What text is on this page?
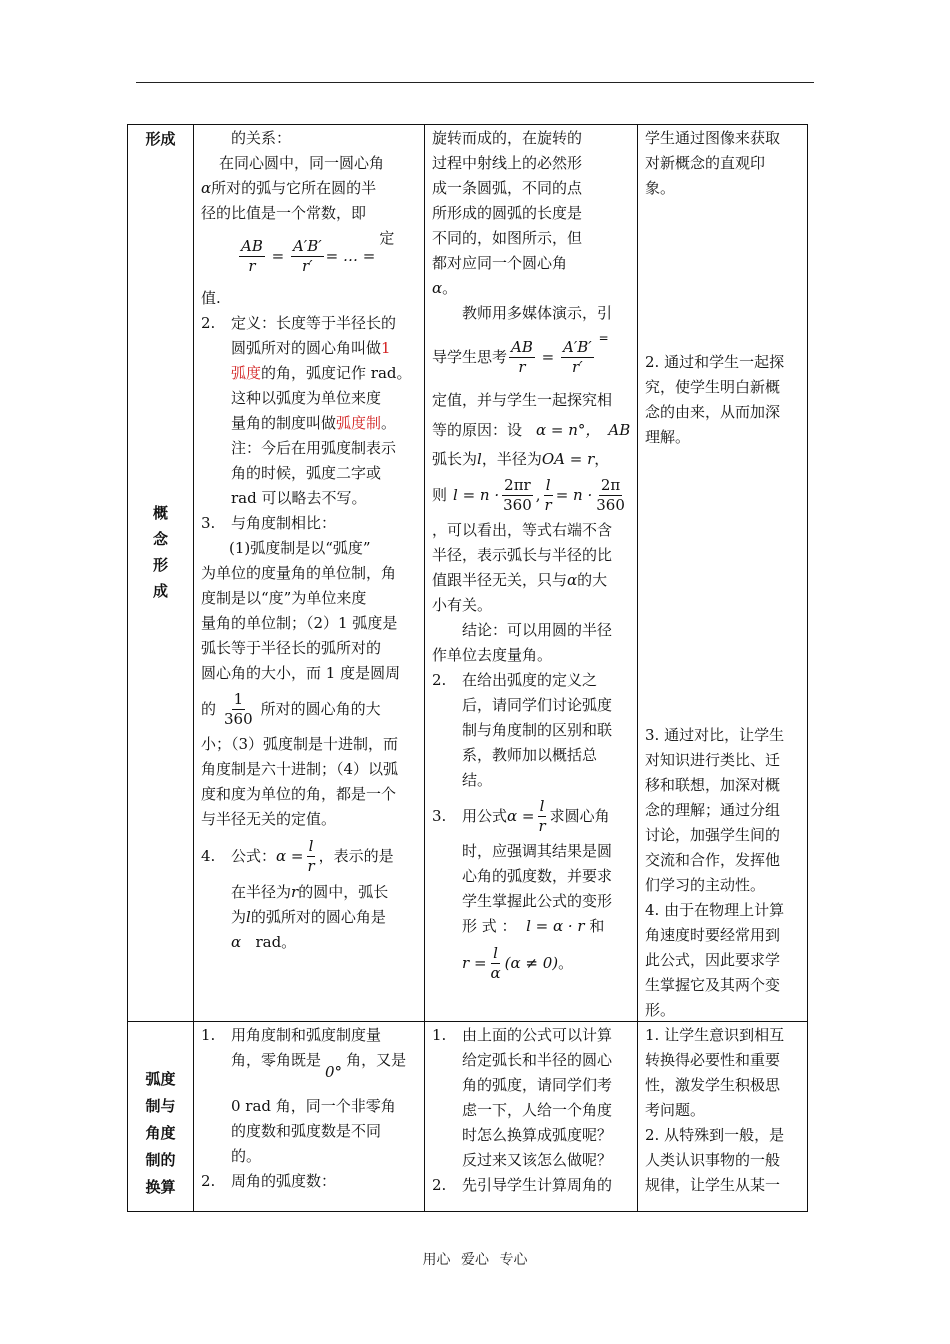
形成
概
念
形
成
弧度
制与
角度
制的
换算

的关系：

在同心圆中，同一圆心角

α所对的弧与它所在圆的半

径的比值是一个常数，即

$\frac{AB}{r} = \frac{A'B'}{r'}$ = … =
定

值.

2. 定义：长度等于半径长的

圆弧所对的圆心角叫做1

弧度的角，弧度记作 rad。

这种以弧度为单位来度

量角的制度叫做弧度制。

注：今后在用弧度制表示

角的时候，弧度二字或

rad 可以略去不写。

3. 与角度制相比：

(1)弧度制是以“弧度”

为单位的度量角的单位制，角

度制是以“度”为单位来度

量角的单位制；（2）1 弧度是

弧长等于半径长的弧所对的

圆心角的大小，而 1 度是圆周

的 $\frac{1}{360}$ 所对的圆心角的大

小；（3）弧度制是十进制，而

角度制是六十进制；（4）以弧

度和度为单位的角，都是一个

与半径无关的定值。

4.	公式： $\alpha = \frac{l}{r}$ ，表示的是

在半径为r的圆中，弧长

为l的弧所对的圆心角是

α rad。

旋转而成的，在旋转的

过程中射线上的必然形

成一条圆弧，不同的点

所形成的圆弧的长度是

不同的，如图所示，但

都对应同一个圆心角

α。

教师用多媒体演示，引

导学生思考 $\frac{AB}{r} = \frac{A'B'}{r'}$ =

定值，并与学生一起探究相

等的原因：设 α = n°， AB

弧长为l，半径为OA = r，

则 $l = n \cdot \frac{2\pi r}{360}$ , $\frac{l}{r} = n \cdot \frac{2\pi}{360}$

，可以看出，等式右端不含

半径，表示弧长与半径的比

值跟半径无关，只与α的大

小有关。

结论：可以用圆的半径

作单位去度量角。

2. 在给出弧度的定义之

后，请同学们讨论弧度

制与角度制的区别和联

系，教师加以概括总

结。

3.	用公式 $\alpha = \frac{l}{r}$ 求圆心角

时，应强调其结果是圆

心角的弧度数，并要求

学生掌握此公式的变形

形 式 ： l = α · r 和

$r = \frac{l}{\alpha} (\alpha \ne 0)$ 。

学生通过图像来获取

对新概念的直观印

象。

2. 通过和学生一起探

究，使学生明白新概

念的由来，从而加深

理解。

3. 通过对比，让学生

对知识进行类比、迁

移和联想，加深对概

念的理解；通过分组

讨论，加强学生间的

交流和合作，发挥他

们学习的主动性。

4. 由于在物理上计算

角速度时要经常用到

此公式，因此要求学

生掌握它及其两个变

形。

1. 用角度制和弧度制度量

角，零角既是0°角，又是

0 rad 角，同一个非零角

的度数和弧度数是不同

的。

2. 周角的弧度数：

1. 由上面的公式可以计算

给定弧长和半径的圆心

角的弧度，请同学们考

虑一下，人给一个角度

时怎么换算成弧度呢？

反过来又该怎么做呢？

2. 先引导学生计算周角的

1. 让学生意识到相互

转换得必要性和重要

性，激发学生积极思

考问题。

2. 从特殊到一般，是

人类认识事物的一般

规律，让学生从某一

用心 爱心 专心
